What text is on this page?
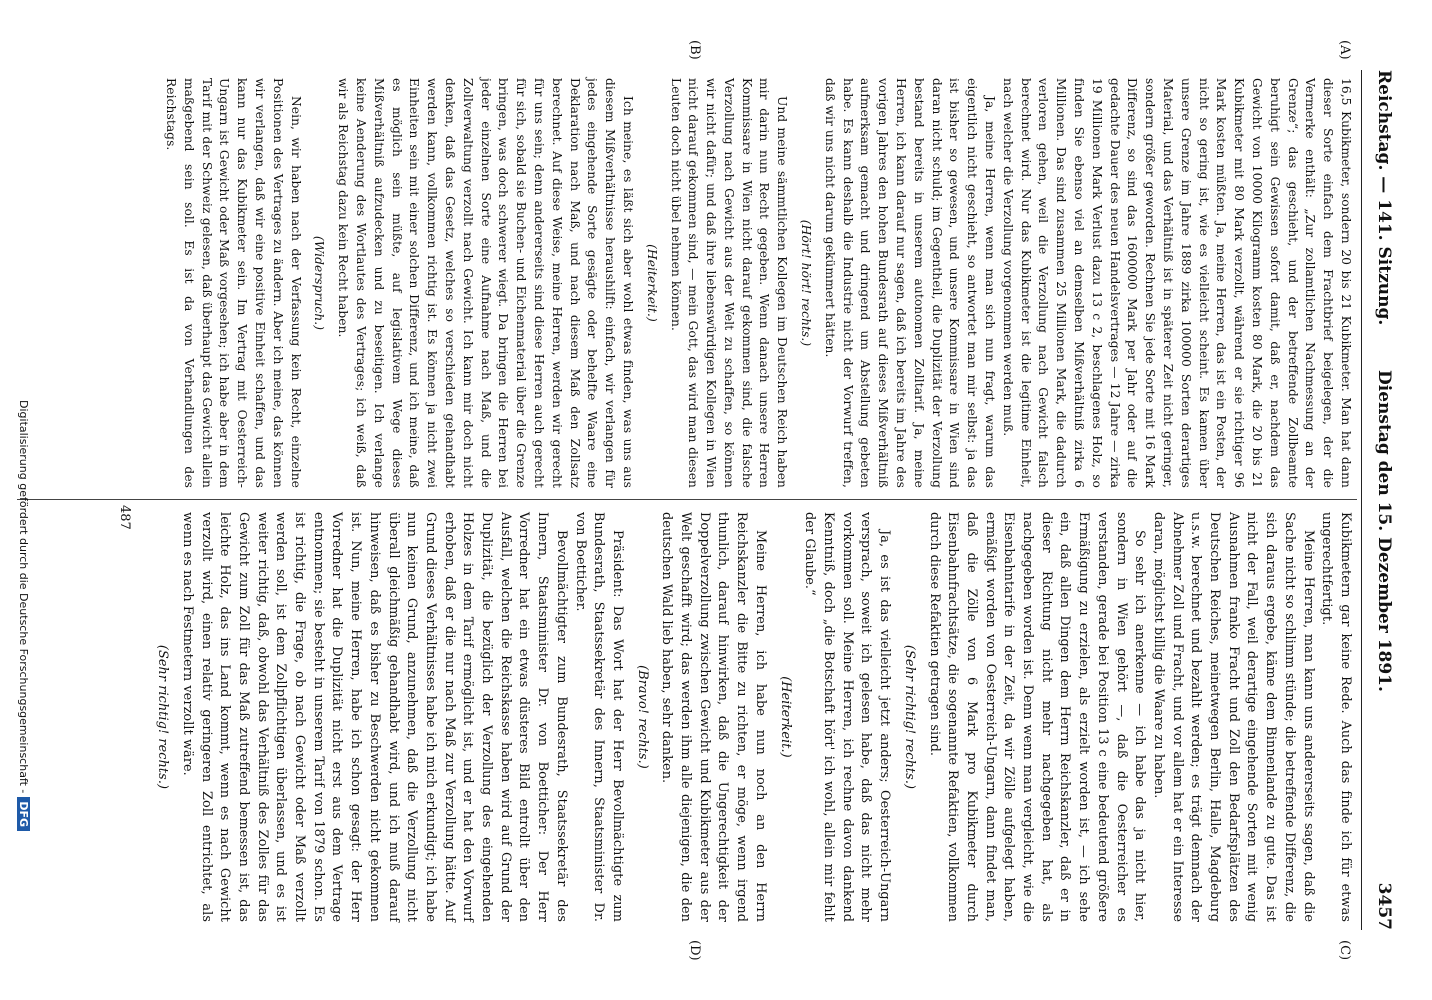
Reichstag. — 141. Sitzung.
Dienstag den 15. Dezember 1891.
3457
(A)
(B)
(C)
(D)

16,5 Kubikmeter, sondern 20 bis 21 Kubikmeter. Man hat dann dieser Sorte einfach dem Frachtbrief beigelegen, der die Vermerke enthält: „Zur zollamtlichen Nachmessung an der Grenze“; das geschieht, und der betreffende Zollbeamte beruhigt sein Gewissen sofort damit, daß er, nachdem das Gewicht von 10000 Kilogramm kosten 80 Mark, die 20 bis 21 Kubikmeter mit 80 Mark verzollt, während er sie richtiger 96 Mark kosten müßten. Ja, meine Herren, das ist ein Posten, der nicht so gering ist, wie es vielleicht scheint. Es kamen über unsere Grenze im Jahre 1889 zirka 100000 Sorten derartiges Material, und das Verhältniß ist in späterer Zeit nicht geringer, sondern größer geworden. Rechnen Sie jede Sorte mit 16 Mark Differenz, so sind das 1600000 Mark per Jahr oder auf die gedachte Dauer des neuen Handelsvertrages — 12 Jahre — zirka 19 Millionen Mark Verlust dazu 13 c 2, beschlagenes Holz, so finden Sie ebenso viel an demselben Mißverhältniß zirka 6 Millionen. Das sind zusammen 25 Millionen Mark, die dadurch verloren gehen, weil die Verzollung nach Gewicht falsch berechnet wird. Nur das Kubikmeter ist die legitime Einheit, nach welcher die Verzollung vorgenommen werden muß.

Ja, meine Herren, wenn man sich nun fragt, warum das eigentlich nicht geschieht, so antwortet man mir selbst: ja das ist bisher so gewesen, und unsere Kommissare in Wien sind daran nicht schuld; im Gegentheil, die Duplizität der Verzollung bestand bereits in unserem autonomen Zolltarif. Ja, meine Herren, ich kann darauf nur sagen, daß ich bereits im Jahre des vorigen Jahres den hohen Bundesrath auf dieses Mißverhältniß aufmerksam gemacht und dringend um Abstellung gebeten habe. Es kann deshalb die Industrie nicht der Vorwurf treffen, daß wir uns nicht darum gekümmert hätten.

(Hört! hört! rechts.)

Und meine sämmtlichen Kollegen im Deutschen Reich haben mir darin nun Recht gegeben. Wenn danach unsere Herren Kommissare in Wien nicht darauf gekommen sind, die falsche Verzollung nach Gewicht aus der Welt zu schaffen, so können wir nicht dafür; und daß ihre liebenswürdigen Kollegen in Wien nicht darauf gekommen sind, — mein Gott, das wird man diesen Leuten doch nicht übel nehmen können.

(Heiterkeit.)

Ich meine, es läßt sich aber wohl etwas finden, was uns aus diesem Mißverhältnisse heraushilft: einfach, wir verlangen für jedes eingehende Sorte gesägte oder behelfte Waare eine Deklaration nach Maß, und nach diesem Maß den Zollsatz berechnet. Auf diese Weise, meine Herren, werden wir gerecht für uns sein; denn andererseits sind diese Herren auch gerecht für sich, sobald sie Buchen- und Eichenmaterial über die Grenze bringen, was doch schwerer wiegt. Da bringen die Herren bei jeder einzelnen Sorte eine Aufnahme nach Maß, und die Zollverwaltung verzollt nach Gewicht. Ich kann mir doch nicht denken, daß das Gesetz, welches so verschieden gehandhabt werden kann, vollkommen richtig ist. Es können ja nicht zwei Einheiten sein mit einer solchen Differenz, und ich meine, daß es möglich sein müßte, auf legislativem Wege dieses Mißverhältniß aufzudecken und zu beseitigen. Ich verlange keine Aenderung des Wortlautes des Vertrages; ich weiß, daß wir als Reichstag dazu kein Recht haben.

(Widerspruch.)

Nein, wir haben nach der Verfassung kein Recht, einzelne Positionen des Vertrages zu ändern. Aber ich meine, das können wir verlangen, daß wir eine positive Einheit schaffen, und das kann nur das Kubikmeter sein. Im Vertrag mit Oesterreich-Ungarn ist Gewicht oder Maß vorgesehen; ich habe aber in dem Tarif mit der Schweiz gelesen, daß überhaupt das Gewicht allein maßgebend sein soll. Es ist da von Verhandlungen des Reichstags.

Kubikmetern gar keine Rede. Auch das finde ich für etwas ungerechtfertigt.

Meine Herren, man kann uns andererseits sagen, daß die Sache nicht so schlimm stünde; die betreffende Differenz, die sich daraus ergebe, käme dem Binnenlande zu gute. Das ist nicht der Fall, weil derartige eingehende Sorten mit wenig Ausnahmen franko Fracht und Zoll den Bedarfsplätzen des Deutschen Reiches, meinetwegen Berlin, Halle, Magdeburg u.s.w. berechnet und bezahlt werden; es trägt demnach der Abnehmer Zoll und Fracht, und vor allem hat er ein Interesse daran, möglichst billig die Waare zu haben.

So sehr ich anerkenne — ich habe das ja nicht hier, sondern in Wien gehört —, daß die Oesterreicher es verstanden, gerade bei Position 13 c eine bedeutend größere Ermäßigung zu erzielen, als erzielt worden ist, — ich sehe ein, daß allen Dingen dem Herrn Reichskanzler, daß er in dieser Richtung nicht mehr nachgegeben hat, als nachgegeben worden ist. Denn wenn man vergleicht, wie die Eisenbahntarife in der Zeit, da wir Zölle aufgelegt haben, ermäßigt worden von Oesterreich-Ungarn, dann findet man, daß die Zölle von 6 Mark pro Kubikmeter durch Eisenbahnfrachtsätze, die sogenannte Refaktien, vollkommen durch diese Refaktien getragen sind.

(Sehr richtig! rechts.)

Ja, es ist das vielleicht jetzt anders; Oesterreich-Ungarn versprach, soweit ich gelesen habe, daß das nicht mehr vorkommen soll. Meine Herren, ich rechne davon dankend Kenntniß, doch „die Botschaft hört' ich wohl, allein mir fehlt der Glaube.“

(Heiterkeit.)

Meine Herren, ich habe nun noch an den Herrn Reichskanzler die Bitte zu richten, er möge, wenn irgend thunlich, darauf hinwirken, daß die Ungerechtigkeit der Doppelverzollung zwischen Gewicht und Kubikmeter aus der Welt geschafft wird; das werden ihm alle diejenigen, die den deutschen Wald lieb haben, sehr danken.

(Bravo! rechts.)

Präsident: Das Wort hat der Herr Bevollmächtigte zum Bundesrath, Staatssekretär des Innern, Staatsminister Dr. von Boetticher.

Bevollmächtigter zum Bundesrath, Staatssekretär des Innern, Staatsminister Dr. von Boetticher: Der Herr Vorredner hat ein etwas düsteres Bild entrollt über den Ausfall, welchen die Reichskasse haben wird auf Grund der Duplizität, die bezüglich der Verzollung des eingehenden Holzes in dem Tarif ermöglicht ist, und er hat den Vorwurf erhoben, daß er die nur nach Maß zur Verzollung hätte. Auf Grund dieses Verhältnisses habe ich mich erkundigt; ich habe nun keinen Grund, anzunehmen, daß die Verzollung nicht überall gleichmäßig gehandhabt wird, und ich muß darauf hinweisen, daß es bisher zu Beschwerden nicht gekommen ist. Nun, meine Herren, habe ich schon gesagt: der Herr Vorredner hat die Duplizität nicht erst aus dem Vertrage entnommen; sie besteht in unserem Tarif von 1879 schon. Es ist richtig, die Frage, ob nach Gewicht oder Maß verzollt werden soll, ist dem Zollpflichtigen überlassen, und es ist weiter richtig, daß, obwohl das Verhältniß des Zolles für das Gewicht zum Zoll für das Maß zutreffend bemessen ist, das leichte Holz, das ins Land kommt, wenn es nach Gewicht verzollt wird, einen relativ geringeren Zoll entrichtet, als wenn es nach Festmetern verzollt wäre.

(Sehr richtig! rechts.)

487
Digitalisierung gefördert durch die Deutsche Forschungsgemeinschaft -DFG
